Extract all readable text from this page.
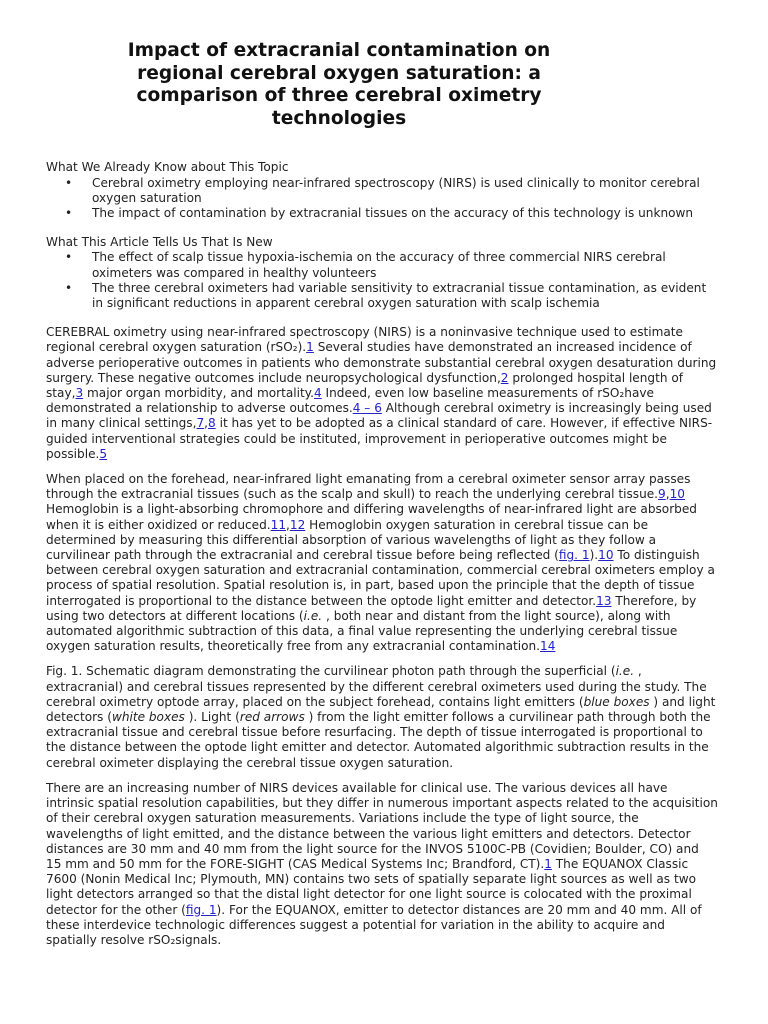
Impact of extracranial contamination on regional cerebral oxygen saturation: a comparison of three cerebral oximetry technologies
What We Already Know about This Topic
• Cerebral oximetry employing near-infrared spectroscopy (NIRS) is used clinically to monitor cerebral oxygen saturation
• The impact of contamination by extracranial tissues on the accuracy of this technology is unknown
What This Article Tells Us That Is New
• The effect of scalp tissue hypoxia-ischemia on the accuracy of three commercial NIRS cerebral oximeters was compared in healthy volunteers
• The three cerebral oximeters had variable sensitivity to extracranial tissue contamination, as evident in significant reductions in apparent cerebral oxygen saturation with scalp ischemia

CEREBRAL oximetry using near-infrared spectroscopy (NIRS) is a noninvasive technique used to estimate regional cerebral oxygen saturation (rSO₂).1 Several studies have demonstrated an increased incidence of adverse perioperative outcomes in patients who demonstrate substantial cerebral oxygen desaturation during surgery. These negative outcomes include neuropsychological dysfunction,2 prolonged hospital length of stay,3 major organ morbidity, and mortality.4 Indeed, even low baseline measurements of rSO₂have demonstrated a relationship to adverse outcomes.4 – 6 Although cerebral oximetry is increasingly being used in many clinical settings,7,8 it has yet to be adopted as a clinical standard of care. However, if effective NIRS-guided interventional strategies could be instituted, improvement in perioperative outcomes might be possible.5

When placed on the forehead, near-infrared light emanating from a cerebral oximeter sensor array passes through the extracranial tissues (such as the scalp and skull) to reach the underlying cerebral tissue.9,10 Hemoglobin is a light-absorbing chromophore and differing wavelengths of near-infrared light are absorbed when it is either oxidized or reduced.11,12 Hemoglobin oxygen saturation in cerebral tissue can be determined by measuring this differential absorption of various wavelengths of light as they follow a curvilinear path through the extracranial and cerebral tissue before being reflected (fig. 1).10 To distinguish between cerebral oxygen saturation and extracranial contamination, commercial cerebral oximeters employ a process of spatial resolution. Spatial resolution is, in part, based upon the principle that the depth of tissue interrogated is proportional to the distance between the optode light emitter and detector.13 Therefore, by using two detectors at different locations (i.e. , both near and distant from the light source), along with automated algorithmic subtraction of this data, a final value representing the underlying cerebral tissue oxygen saturation results, theoretically free from any extracranial contamination.14

Fig. 1. Schematic diagram demonstrating the curvilinear photon path through the superficial (i.e. , extracranial) and cerebral tissues represented by the different cerebral oximeters used during the study. The cerebral oximetry optode array, placed on the subject forehead, contains light emitters (blue boxes ) and light detectors (white boxes ). Light (red arrows ) from the light emitter follows a curvilinear path through both the extracranial tissue and cerebral tissue before resurfacing. The depth of tissue interrogated is proportional to the distance between the optode light emitter and detector. Automated algorithmic subtraction results in the cerebral oximeter displaying the cerebral tissue oxygen saturation.

There are an increasing number of NIRS devices available for clinical use. The various devices all have intrinsic spatial resolution capabilities, but they differ in numerous important aspects related to the acquisition of their cerebral oxygen saturation measurements. Variations include the type of light source, the wavelengths of light emitted, and the distance between the various light emitters and detectors. Detector distances are 30 mm and 40 mm from the light source for the INVOS 5100C-PB (Covidien; Boulder, CO) and 15 mm and 50 mm for the FORE-SIGHT (CAS Medical Systems Inc; Brandford, CT).1 The EQUANOX Classic 7600 (Nonin Medical Inc; Plymouth, MN) contains two sets of spatially separate light sources as well as two light detectors arranged so that the distal light detector for one light source is colocated with the proximal detector for the other (fig. 1). For the EQUANOX, emitter to detector distances are 20 mm and 40 mm. All of these interdevice technologic differences suggest a potential for variation in the ability to acquire and spatially resolve rSO₂signals.
